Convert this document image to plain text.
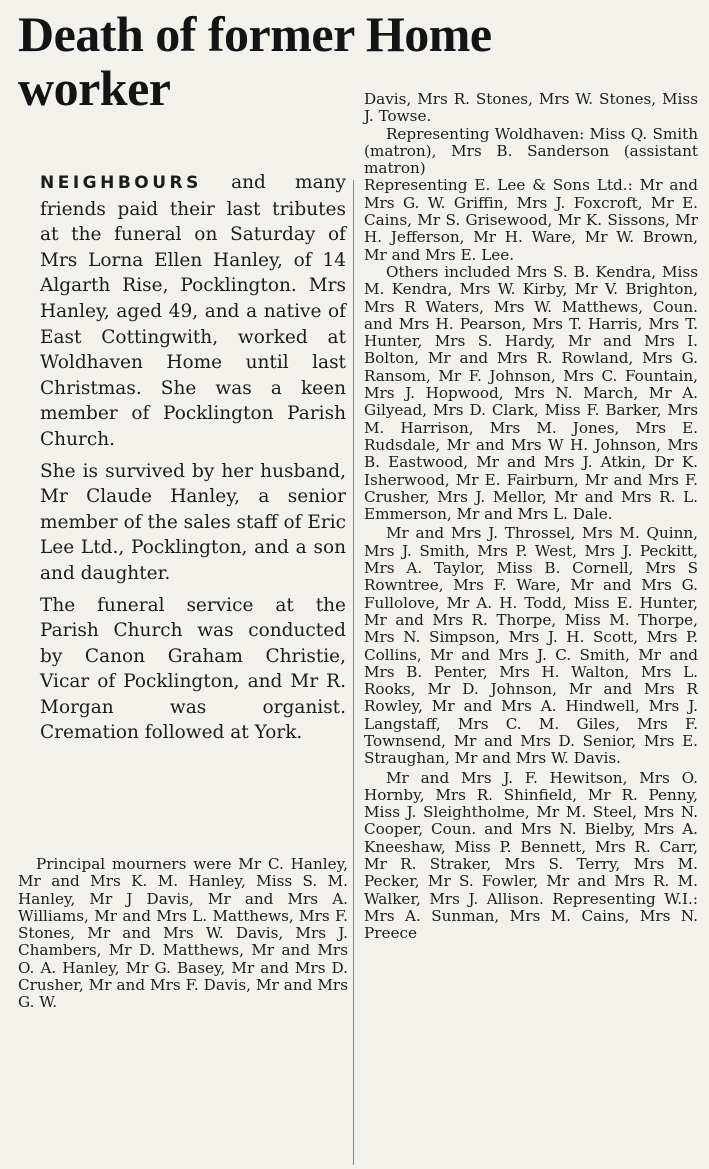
Death of former Home
worker

NEIGHBOURS and many friends paid their last tributes at the funeral on Saturday of Mrs Lorna Ellen Hanley, of 14 Algarth Rise, Pocklington. Mrs Hanley, aged 49, and a native of East Cottingwith, worked at Woldhaven Home until last Christmas. She was a keen member of Pocklington Parish Church.

She is survived by her husband, Mr Claude Hanley, a senior member of the sales staff of Eric Lee Ltd., Pocklington, and a son and daughter.

The funeral service at the Parish Church was conducted by Canon Graham Christie, Vicar of Pocklington, and Mr R. Morgan was organist. Cremation followed at York.

Principal mourners were Mr C. Hanley, Mr and Mrs K. M. Hanley, Miss S. M. Hanley, Mr J Davis, Mr and Mrs A. Williams, Mr and Mrs L. Matthews, Mrs F. Stones, Mr and Mrs W. Davis, Mrs J. Chambers, Mr D. Matthews, Mr and Mrs O. A. Hanley, Mr G. Basey, Mr and Mrs D. Crusher, Mr and Mrs F. Davis, Mr and Mrs G. W.

Davis, Mrs R. Stones, Mrs W. Stones, Miss J. Towse.

Representing Woldhaven: Miss Q. Smith (matron), Mrs B. Sanderson (assistant matron)

Representing E. Lee & Sons Ltd.: Mr and Mrs G. W. Griffin, Mrs J. Foxcroft, Mr E. Cains, Mr S. Grisewood, Mr K. Sissons, Mr H. Jefferson, Mr H. Ware, Mr W. Brown, Mr and Mrs E. Lee.

Others included Mrs S. B. Kendra, Miss M. Kendra, Mrs W. Kirby, Mr V. Brighton, Mrs R Waters, Mrs W. Matthews, Coun. and Mrs H. Pearson, Mrs T. Harris, Mrs T. Hunter, Mrs S. Hardy, Mr and Mrs I. Bolton, Mr and Mrs R. Rowland, Mrs G. Ransom, Mr F. Johnson, Mrs C. Fountain, Mrs J. Hopwood, Mrs N. March, Mr A. Gilyead, Mrs D. Clark, Miss F. Barker, Mrs M. Harrison, Mrs M. Jones, Mrs E. Rudsdale, Mr and Mrs W H. Johnson, Mrs B. Eastwood, Mr and Mrs J. Atkin, Dr K. Isherwood, Mr E. Fairburn, Mr and Mrs F. Crusher, Mrs J. Mellor, Mr and Mrs R. L. Emmerson, Mr and Mrs L. Dale.

Mr and Mrs J. Throssel, Mrs M. Quinn, Mrs J. Smith, Mrs P. West, Mrs J. Peckitt, Mrs A. Taylor, Miss B. Cornell, Mrs S Rowntree, Mrs F. Ware, Mr and Mrs G. Fullolove, Mr A. H. Todd, Miss E. Hunter, Mr and Mrs R. Thorpe, Miss M. Thorpe, Mrs N. Simpson, Mrs J. H. Scott, Mrs P. Collins, Mr and Mrs J. C. Smith, Mr and Mrs B. Penter, Mrs H. Walton, Mrs L. Rooks, Mr D. Johnson, Mr and Mrs R Rowley, Mr and Mrs A. Hindwell, Mrs J. Langstaff, Mrs C. M. Giles, Mrs F. Townsend, Mr and Mrs D. Senior, Mrs E. Straughan, Mr and Mrs W. Davis.

Mr and Mrs J. F. Hewitson, Mrs O. Hornby, Mrs R. Shinfield, Mr R. Penny, Miss J. Sleightholme, Mr M. Steel, Mrs N. Cooper, Coun. and Mrs N. Bielby, Mrs A. Kneeshaw, Miss P. Bennett, Mrs R. Carr, Mr R. Straker, Mrs S. Terry, Mrs M. Pecker, Mr S. Fowler, Mr and Mrs R. M. Walker, Mrs J. Allison. Representing W.I.: Mrs A. Sunman, Mrs M. Cains, Mrs N. Preece
